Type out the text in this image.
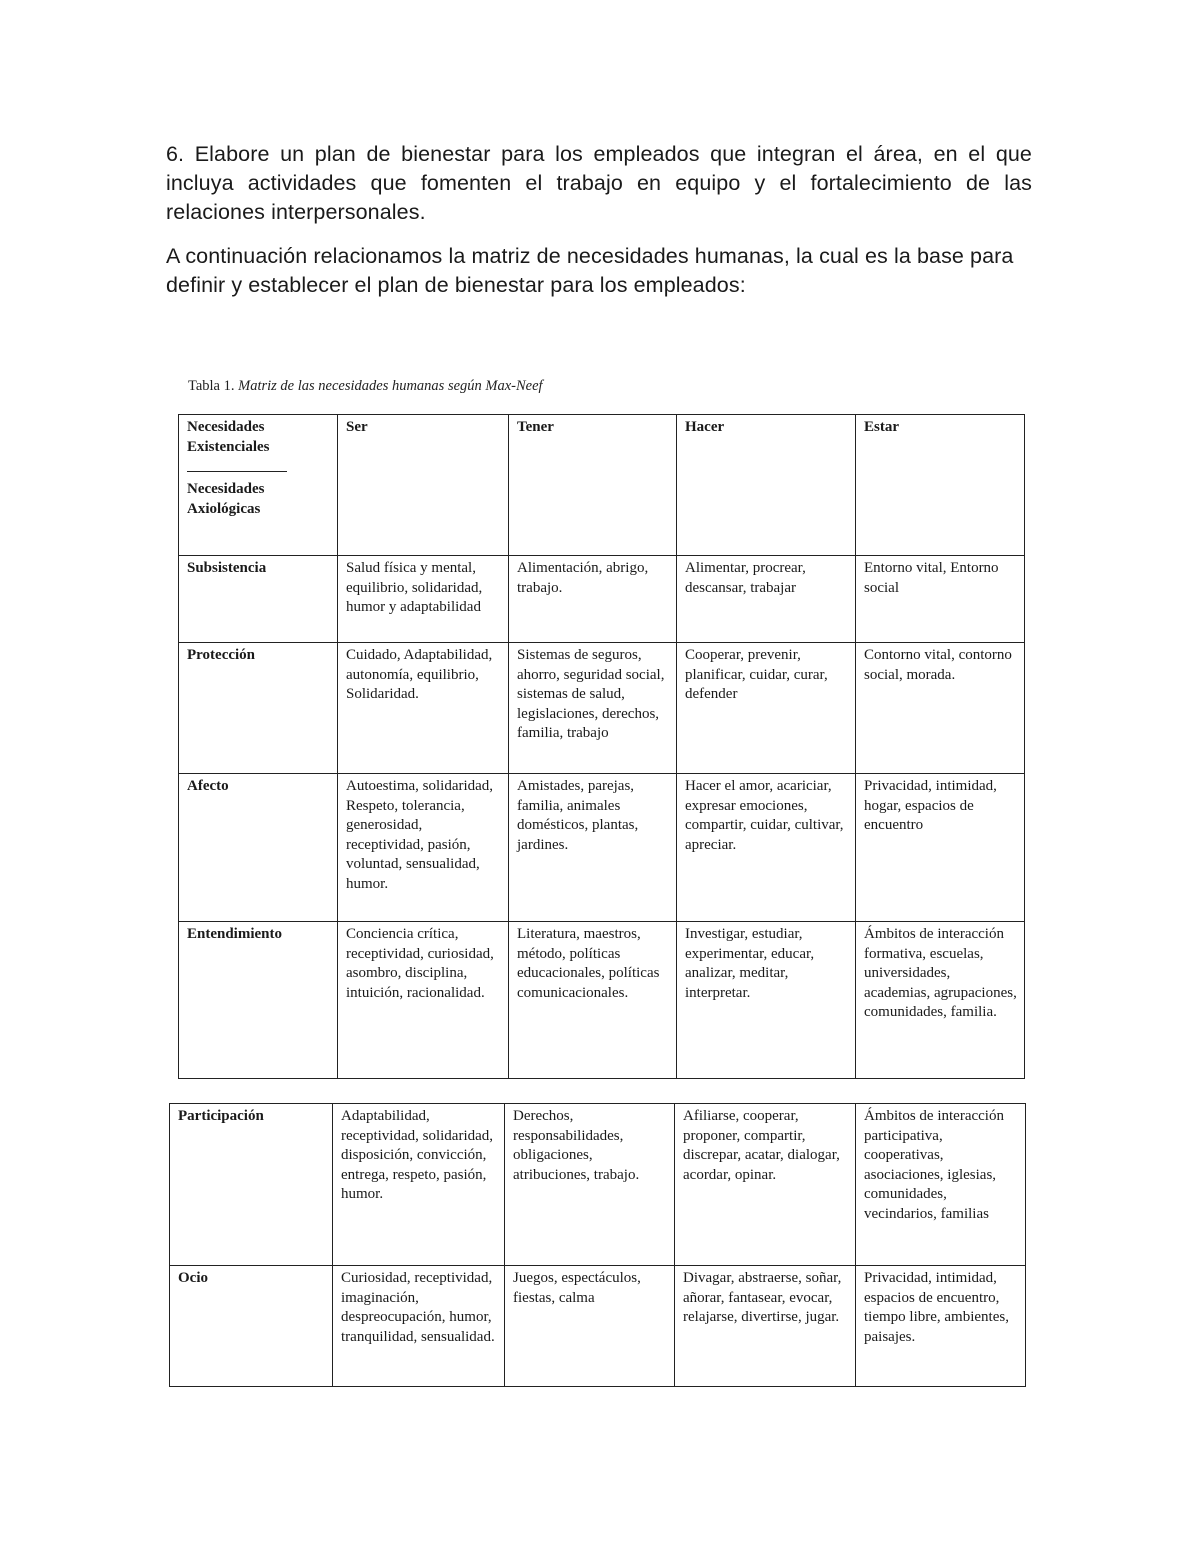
6. Elabore un plan de bienestar para los empleados que integran el área, en el que incluya actividades que fomenten el trabajo en equipo y el fortalecimiento de las relaciones interpersonales.

A continuación relacionamos la matriz de necesidades humanas, la cual es la base para definir y establecer el plan de bienestar para los empleados:

Tabla 1. Matriz de las necesidades humanas según Max-Neef
Necesidades Existenciales
Necesidades Axiológicas	Ser	Tener	Hacer	Estar
Subsistencia	Salud física y mental, equilibrio, solidaridad, humor y adaptabilidad	Alimentación, abrigo, trabajo.	Alimentar, procrear, descansar, trabajar	Entorno vital, Entorno social
Protección	Cuidado, Adaptabilidad, autonomía, equilibrio, Solidaridad.	Sistemas de seguros, ahorro, seguridad social, sistemas de salud, legislaciones, derechos, familia, trabajo	Cooperar, prevenir, planificar, cuidar, curar, defender	Contorno vital, contorno social, morada.
Afecto	Autoestima, solidaridad, Respeto, tolerancia, generosidad, receptividad, pasión, voluntad, sensualidad, humor.	Amistades, parejas, familia, animales domésticos, plantas, jardines.	Hacer el amor, acariciar, expresar emociones, compartir, cuidar, cultivar, apreciar.	Privacidad, intimidad, hogar, espacios de encuentro
Entendimiento	Conciencia crítica, receptividad, curiosidad, asombro, disciplina, intuición, racionalidad.	Literatura, maestros, método, políticas educacionales, políticas comunicacionales.	Investigar, estudiar, experimentar, educar, analizar, meditar, interpretar.	Ámbitos de interacción formativa, escuelas, universidades, academias, agrupaciones, comunidades, familia.
Participación	Adaptabilidad, receptividad, solidaridad, disposición, convicción, entrega, respeto, pasión, humor.	Derechos, responsabilidades, obligaciones, atribuciones, trabajo.	Afiliarse, cooperar, proponer, compartir, discrepar, acatar, dialogar, acordar, opinar.	Ámbitos de interacción participativa, cooperativas, asociaciones, iglesias, comunidades, vecindarios, familias
Ocio	Curiosidad, receptividad, imaginación, despreocupación, humor, tranquilidad, sensualidad.	Juegos, espectáculos, fiestas, calma	Divagar, abstraerse, soñar, añorar, fantasear, evocar, relajarse, divertirse, jugar.	Privacidad, intimidad, espacios de encuentro, tiempo libre, ambientes, paisajes.
